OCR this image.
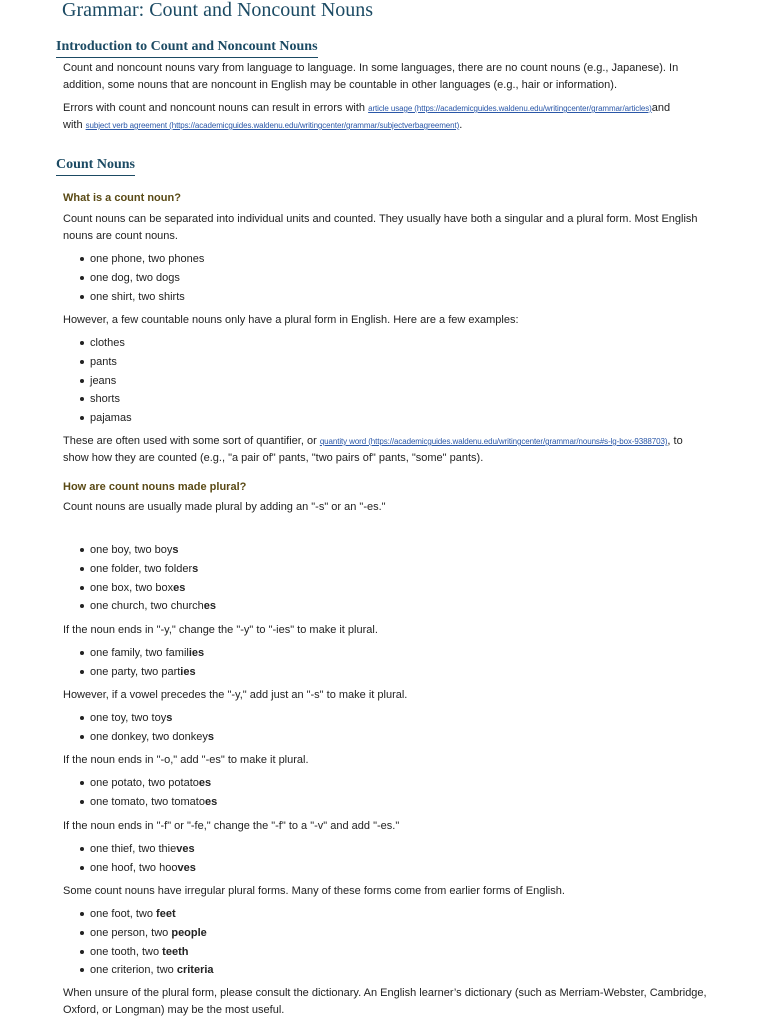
Grammar: Count and Noncount Nouns
Introduction to Count and Noncount Nouns

Count and noncount nouns vary from language to language. In some languages, there are no count nouns (e.g., Japanese). In
addition, some nouns that are noncount in English may be countable in other languages (e.g., hair or information).

Errors with count and noncount nouns can result in errors with article usage (https://academicguides.waldenu.edu/writingcenter/grammar/articles)and
with subject verb agreement (https://academicguides.waldenu.edu/writingcenter/grammar/subjectverbagreement).

Count Nouns
What is a count noun?

Count nouns can be separated into individual units and counted. They usually have both a singular and a plural form. Most English
nouns are count nouns.

one phone, two phones
one dog, two dogs
one shirt, two shirts

However, a few countable nouns only have a plural form in English. Here are a few examples:

clothes
pants
jeans
shorts
pajamas

These are often used with some sort of quantifier, or quantity word (https://academicguides.waldenu.edu/writingcenter/grammar/nouns#s-lg-box-9388703), to
show how they are counted (e.g., "a pair of" pants, "two pairs of" pants, "some" pants).

How are count nouns made plural?

Count nouns are usually made plural by adding an "-s" or an "-es."

one boy, two boys
one folder, two folders
one box, two boxes
one church, two churches

If the noun ends in "-y," change the "-y" to "-ies" to make it plural.

one family, two families
one party, two parties

However, if a vowel precedes the "-y," add just an "-s" to make it plural.

one toy, two toys
one donkey, two donkeys

If the noun ends in "-o," add "-es" to make it plural.

one potato, two potatoes
one tomato, two tomatoes

If the noun ends in "-f" or "-fe," change the "-f" to a "-v" and add "-es."

one thief, two thieves
one hoof, two hooves

Some count nouns have irregular plural forms. Many of these forms come from earlier forms of English.

one foot, two feet
one person, two people
one tooth, two teeth
one criterion, two criteria

When unsure of the plural form, please consult the dictionary. An English learner’s dictionary (such as Merriam-Webster, Cambridge,
Oxford, or Longman) may be the most useful.
